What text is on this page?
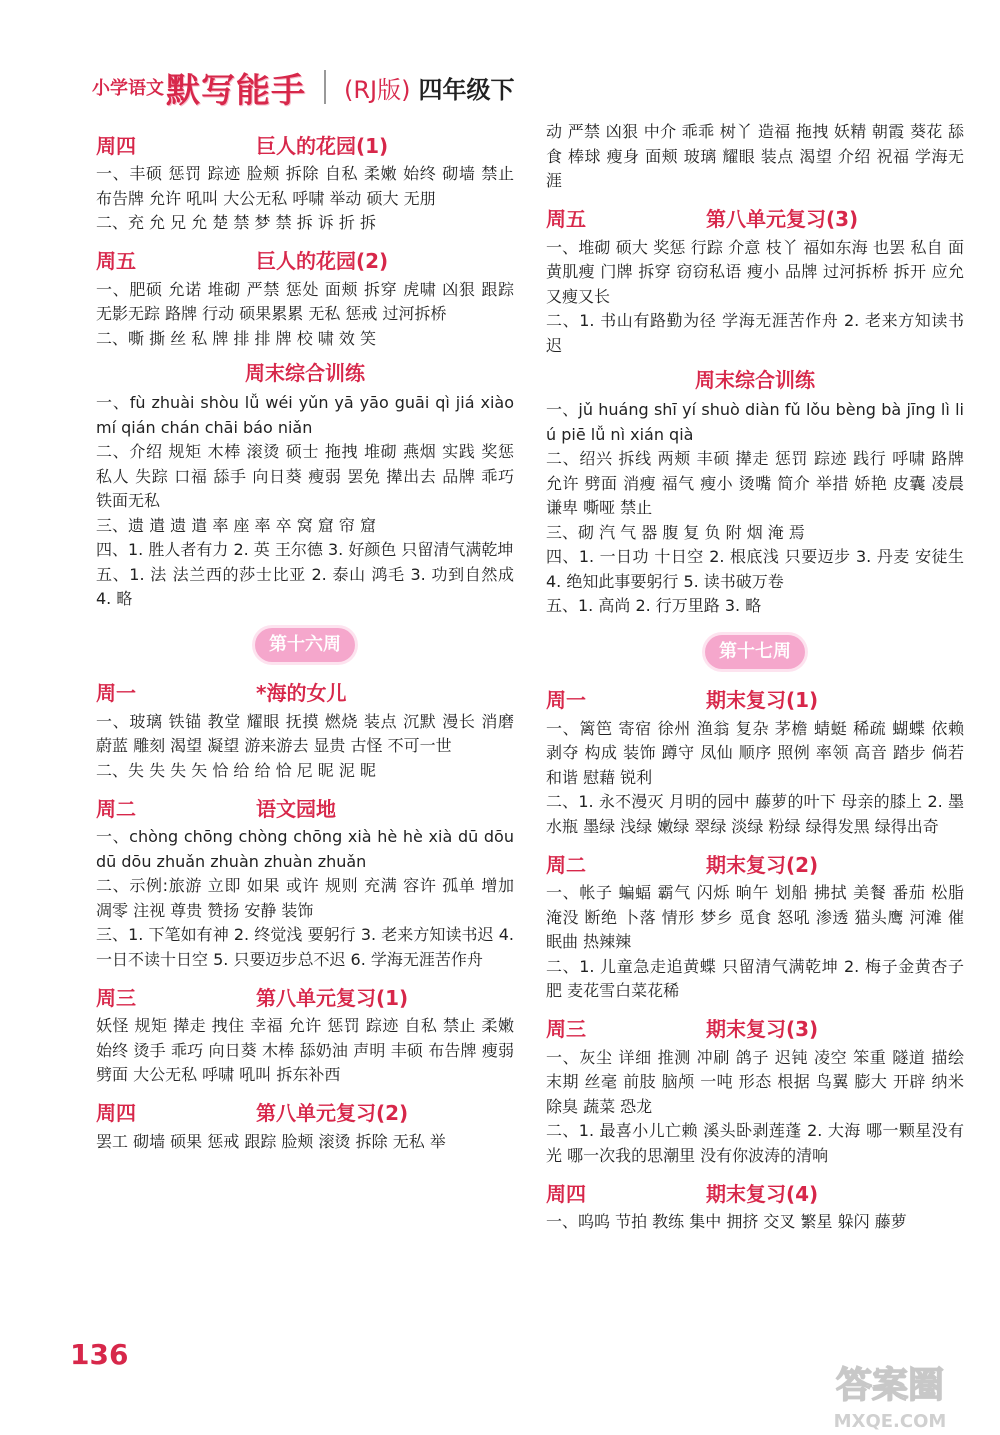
小学语文 默写能手 (RJ版) 四年级下
周四	巨人的花园(1)

一、丰硕 惩罚 踪迹 脸颊 拆除 自私 柔嫩 始终 砌墙 禁止 布告牌 允许 吼叫 大公无私 呼啸 举动 硕大 无朋

二、充 允 兄 允 楚 禁 梦 禁 拆 诉 折 拆

周五	巨人的花园(2)

一、肥硕 允诺 堆砌 严禁 惩处 面颊 拆穿 虎啸 凶狠 跟踪 无影无踪 路牌 行动 硕果累累 无私 惩戒 过河拆桥

二、嘶 撕 丝 私 牌 排 排 牌 校 啸 效 笑

周末综合训练

一、fù zhuài shòu lǚ wéi yǔn yā yāo guāi qì jiá xiào mí qián chán chāi báo niǎn

二、介绍 规矩 木棒 滚烫 硕士 拖拽 堆砌 燕烟 实践 奖惩 私人 失踪 口福 舔手 向日葵 瘦弱 罢免 撵出去 品牌 乖巧 铁面无私

三、遗 遣 遗 遣 率 座 率 卒 窝 窟 帘 窟

四、1. 胜人者有力 2. 英 王尔德 3. 好颜色 只留清气满乾坤

五、1. 法 法兰西的莎士比亚 2. 泰山 鸿毛 3. 功到自然成 4. 略

第十六周
周一	*海的女儿

一、玻璃 铁锚 教堂 耀眼 抚摸 燃烧 装点 沉默 漫长 消磨 蔚蓝 雕刻 渴望 凝望 游来游去 显贵 古怪 不可一世

二、失 失 失 矢 恰 给 给 恰 尼 昵 泥 昵

周二	语文园地

一、chòng chōng chòng chōng xià hè hè xià dū dōu dū dōu zhuǎn zhuàn zhuàn zhuǎn

二、示例:旅游 立即 如果 或许 规则 充满 容许 孤单 增加 凋零 注视 尊贵 赞扬 安静 装饰

三、1. 下笔如有神 2. 终觉浅 要躬行 3. 老来方知读书迟 4. 一日不读十日空 5. 只要迈步总不迟 6. 学海无涯苦作舟

周三	第八单元复习(1)

妖怪 规矩 撵走 拽住 幸福 允许 惩罚 踪迹 自私 禁止 柔嫩 始终 烫手 乖巧 向日葵 木棒 舔奶油 声明 丰硕 布告牌 瘦弱 劈面 大公无私 呼啸 吼叫 拆东补西

周四	第八单元复习(2)

罢工 砌墙 硕果 惩戒 跟踪 脸颊 滚烫 拆除 无私 举

动 严禁 凶狠 中介 乖乖 树丫 造福 拖拽 妖精 朝霞 葵花 舔食 棒球 瘦身 面颊 玻璃 耀眼 装点 渴望 介绍 祝福 学海无涯

周五	第八单元复习(3)

一、堆砌 硕大 奖惩 行踪 介意 枝丫 福如东海 也罢 私自 面黄肌瘦 门牌 拆穿 窃窃私语 瘦小 品牌 过河拆桥 拆开 应允 又瘦又长

二、1. 书山有路勤为径 学海无涯苦作舟 2. 老来方知读书迟

周末综合训练

一、jǔ huáng shī yí shuò diàn fǔ lǒu bèng bà jīng lì liú piē lǚ nì xián qià

二、绍兴 拆线 两颊 丰硕 撵走 惩罚 踪迹 践行 呼啸 路牌 允许 劈面 消瘦 福气 瘦小 烫嘴 简介 举措 娇艳 皮囊 凌晨 谦卑 嘶哑 禁止

三、砌 汽 气 器 腹 复 负 附 烟 淹 焉

四、1. 一日功 十日空 2. 根底浅 只要迈步 3. 丹麦 安徒生 4. 绝知此事要躬行 5. 读书破万卷

五、1. 高尚 2. 行万里路 3. 略

第十七周
周一	期末复习(1)

一、篱笆 寄宿 徐州 渔翁 复杂 茅檐 蜻蜓 稀疏 蝴蝶 依赖 剥夺 构成 装饰 蹲守 凤仙 顺序 照例 率领 高音 踏步 倘若 和谐 慰藉 锐利

二、1. 永不漫灭 月明的园中 藤萝的叶下 母亲的膝上 2. 墨水瓶 墨绿 浅绿 嫩绿 翠绿 淡绿 粉绿 绿得发黑 绿得出奇

周二	期末复习(2)

一、帐子 蝙蝠 霸气 闪烁 晌午 划船 拂拭 美餐 番茄 松脂 淹没 断绝 卜落 情形 梦乡 觅食 怒吼 渗透 猫头鹰 河滩 催眠曲 热辣辣

二、1. 儿童急走追黄蝶 只留清气满乾坤 2. 梅子金黄杏子肥 麦花雪白菜花稀

周三	期末复习(3)

一、灰尘 详细 推测 冲刷 鸽子 迟钝 凌空 笨重 隧道 描绘 末期 丝毫 前肢 脑颅 一吨 形态 根据 鸟翼 膨大 开辟 纳米 除臭 蔬菜 恐龙

二、1. 最喜小儿亡赖 溪头卧剥莲蓬 2. 大海 哪一颗星没有光 哪一次我的思潮里 没有你波涛的清响

周四	期末复习(4)

一、呜呜 节拍 教练 集中 拥挤 交叉 繁星 躲闪 藤萝

136
答案圈
MXQE.COM
